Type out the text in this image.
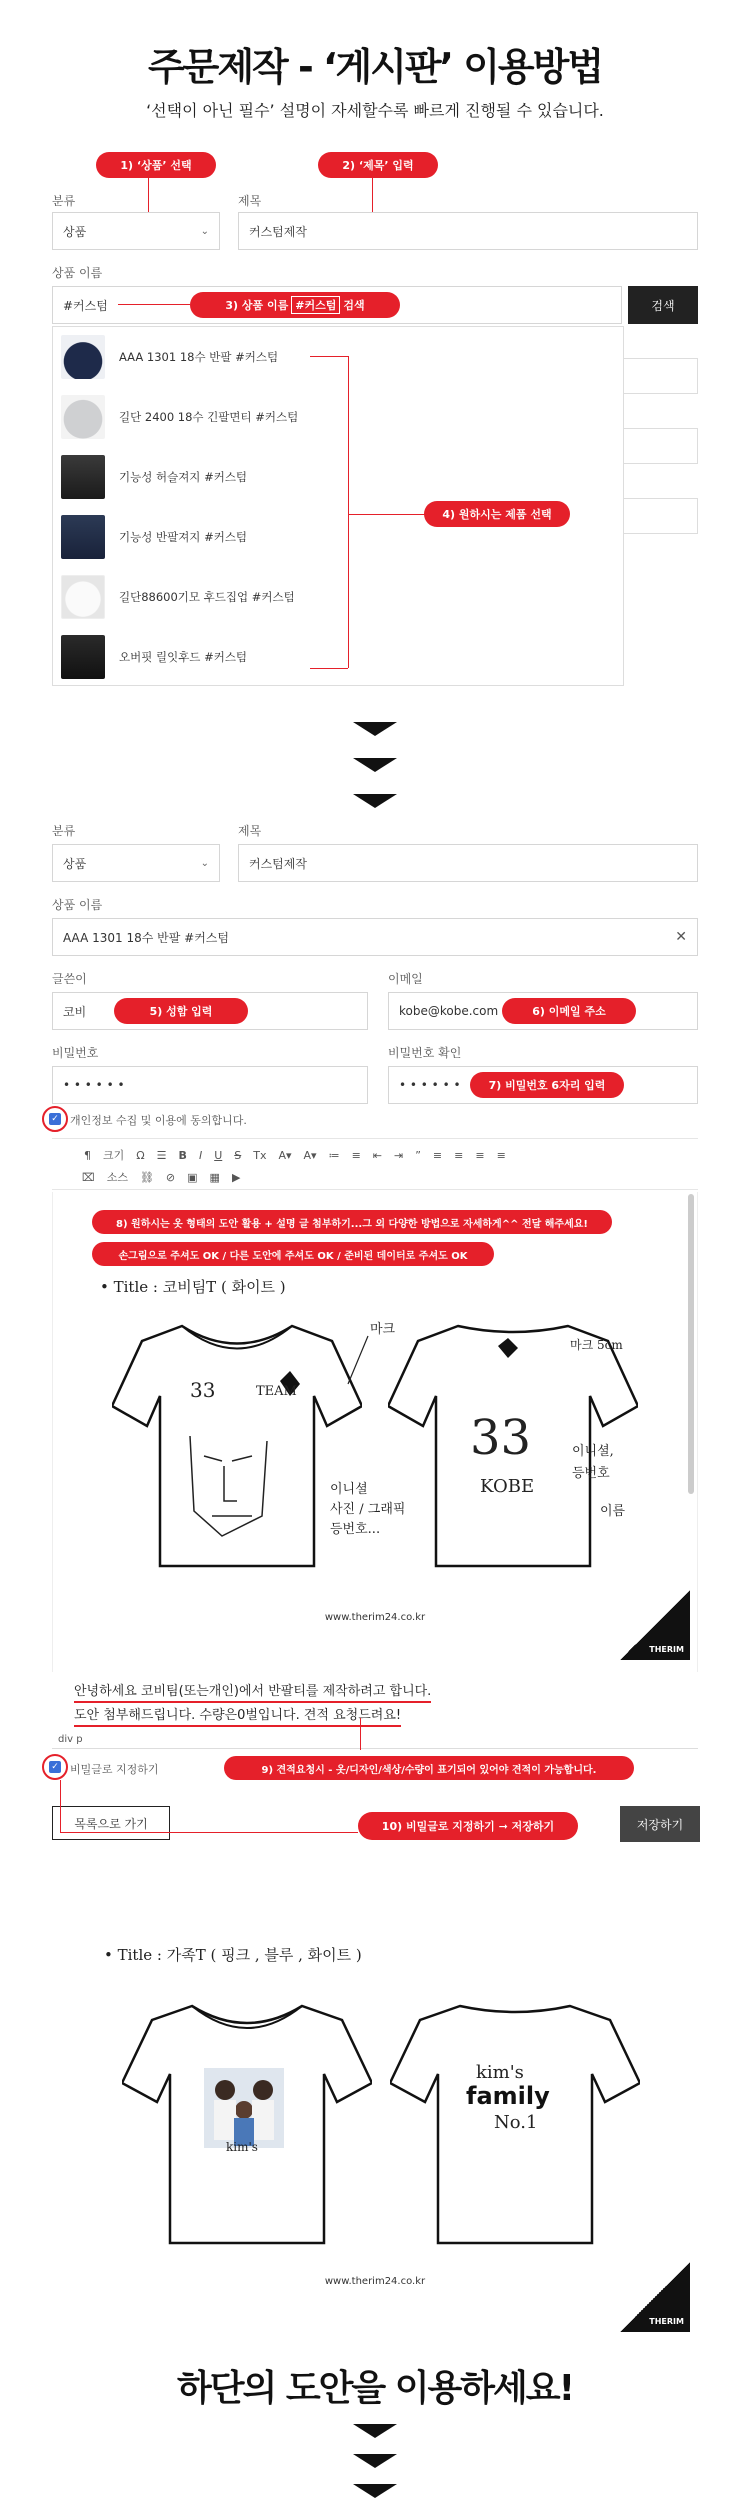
주문제작 - ‘게시판’ 이용방법
‘선택이 아닌 필수’ 설명이 자세할수록 빠르게 진행될 수 있습니다.
1) ‘상품’ 선택	2) ‘제목’ 입력
분류	제목
상품	⌄	커스텀제작
상품 이름
#커스텀	검색
3) 상품 이름 #커스텀 검색
AAA 1301 18수 반팔 #커스텀
길단 2400 18수 긴팔면티 #커스텀
기능성 허슬져지 #커스텀
기능성 반팔져지 #커스텀
길단88600기모 후드집업 #커스텀
오버핏 릴잇후드 #커스텀
4) 원하시는 제품 선택
분류	제목
상품	⌄	커스텀제작
상품 이름
AAA 1301 18수 반팔 #커스텀	✕
글쓴이	이메일
코비	kobe@kobe.com
5) 성함 입력	6) 이메일 주소
비밀번호	비밀번호 확인
• • • • • •	• • • • • •	7) 비밀번호 6자리 입력
✓ 개인정보 수집 및 이용에 동의합니다.
¶ 크기 Ω ☰ B I U S Tx A▾ A▾ ≔ ≡ ⇤ ⇥ ” ≡ ≡ ≡ ≡
⌧ 소스 ⛓ ⊘ ▣ ▦ ▶
8) 원하시는 옷 형태의 도안 활용 + 설명 글 첨부하기...그 외 다양한 방법으로 자세하게^^ 전달 해주세요!
손그림으로 주셔도 OK / 다른 도안에 주셔도 OK / 준비된 데이터로 주셔도 OK
• Title : 코비팀T ( 화이트 )
33	TEAM
마크
이니셜
사진 / 그래픽
등번호...
33
KOBE
마크 5cm
이니셜,
등번호
이름
www.therim24.co.kr
THERIM
안녕하세요 코비팀(또는개인)에서 반팔티를 제작하려고 합니다.
도안 첨부해드립니다. 수량은0벌입니다. 견적 요청드려요!
div p
9) 견적요청시 - 옷/디자인/색상/수량이 표기되어 있어야 견적이 가능합니다.
✓ 비밀글로 지정하기
목록으로 가기	10) 비밀글로 지정하기 ➞ 저장하기	저장하기
• Title : 가족T ( 핑크 , 블루 , 화이트 )
kim's
kim's
family
No.1
www.therim24.co.kr
THERIM
하단의 도안을 이용하세요!
